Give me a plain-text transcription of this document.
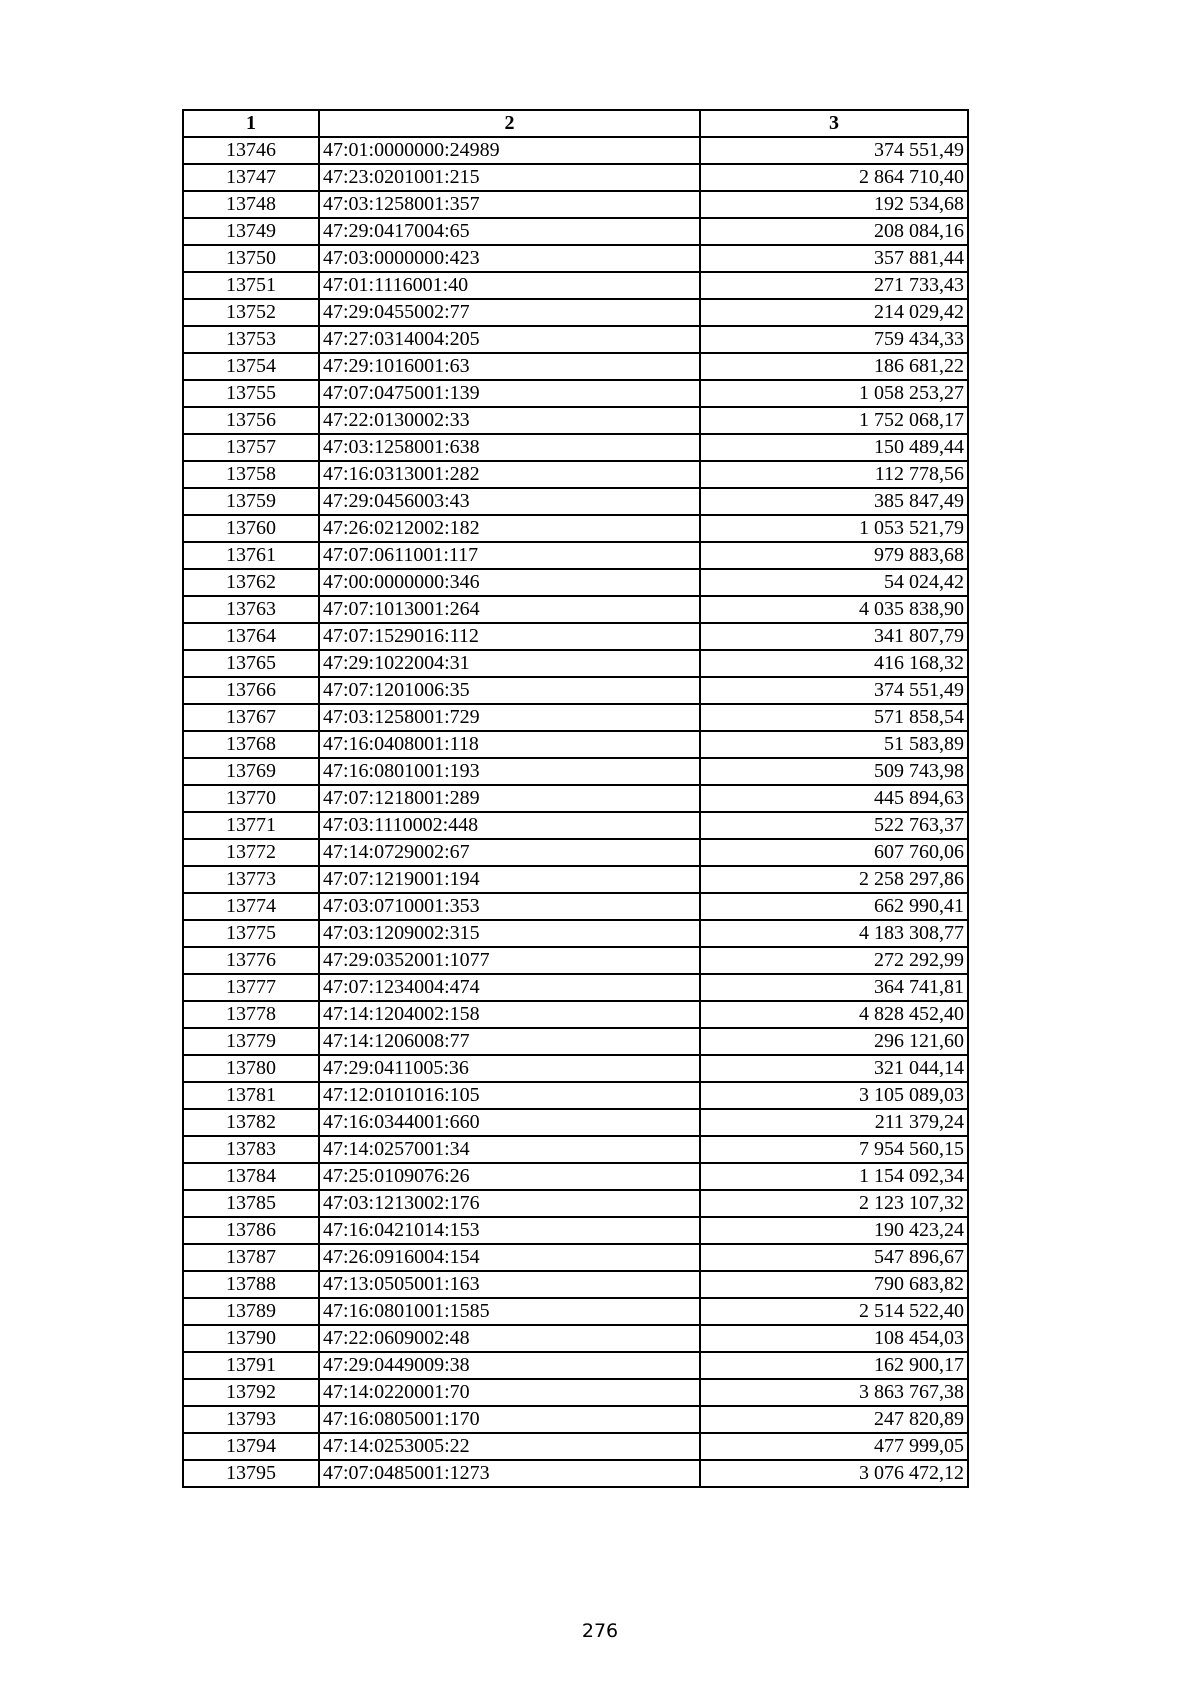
1	2	3
13746	47:01:0000000:24989	374 551,49
13747	47:23:0201001:215	2 864 710,40
13748	47:03:1258001:357	192 534,68
13749	47:29:0417004:65	208 084,16
13750	47:03:0000000:423	357 881,44
13751	47:01:1116001:40	271 733,43
13752	47:29:0455002:77	214 029,42
13753	47:27:0314004:205	759 434,33
13754	47:29:1016001:63	186 681,22
13755	47:07:0475001:139	1 058 253,27
13756	47:22:0130002:33	1 752 068,17
13757	47:03:1258001:638	150 489,44
13758	47:16:0313001:282	112 778,56
13759	47:29:0456003:43	385 847,49
13760	47:26:0212002:182	1 053 521,79
13761	47:07:0611001:117	979 883,68
13762	47:00:0000000:346	54 024,42
13763	47:07:1013001:264	4 035 838,90
13764	47:07:1529016:112	341 807,79
13765	47:29:1022004:31	416 168,32
13766	47:07:1201006:35	374 551,49
13767	47:03:1258001:729	571 858,54
13768	47:16:0408001:118	51 583,89
13769	47:16:0801001:193	509 743,98
13770	47:07:1218001:289	445 894,63
13771	47:03:1110002:448	522 763,37
13772	47:14:0729002:67	607 760,06
13773	47:07:1219001:194	2 258 297,86
13774	47:03:0710001:353	662 990,41
13775	47:03:1209002:315	4 183 308,77
13776	47:29:0352001:1077	272 292,99
13777	47:07:1234004:474	364 741,81
13778	47:14:1204002:158	4 828 452,40
13779	47:14:1206008:77	296 121,60
13780	47:29:0411005:36	321 044,14
13781	47:12:0101016:105	3 105 089,03
13782	47:16:0344001:660	211 379,24
13783	47:14:0257001:34	7 954 560,15
13784	47:25:0109076:26	1 154 092,34
13785	47:03:1213002:176	2 123 107,32
13786	47:16:0421014:153	190 423,24
13787	47:26:0916004:154	547 896,67
13788	47:13:0505001:163	790 683,82
13789	47:16:0801001:1585	2 514 522,40
13790	47:22:0609002:48	108 454,03
13791	47:29:0449009:38	162 900,17
13792	47:14:0220001:70	3 863 767,38
13793	47:16:0805001:170	247 820,89
13794	47:14:0253005:22	477 999,05
13795	47:07:0485001:1273	3 076 472,12
276
